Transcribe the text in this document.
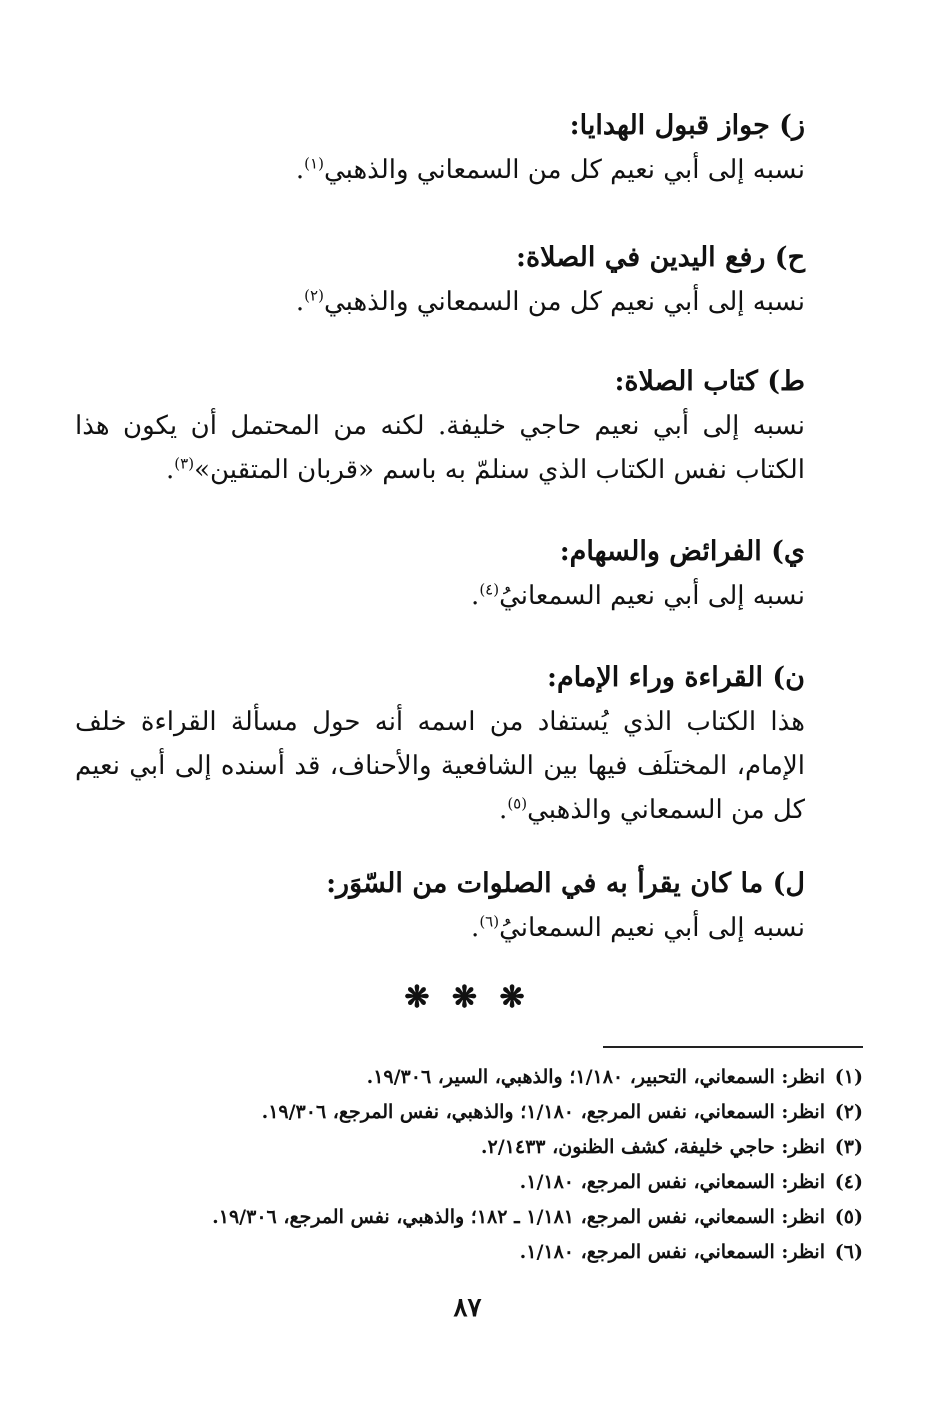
ز) جواز قبول الهدايا:

نسبه إلى أبي نعيم كل من السمعاني والذهبي$^{(١)}$.

ح) رفع اليدين في الصلاة:

نسبه إلى أبي نعيم كل من السمعاني والذهبي$^{(٢)}$.

ط) كتاب الصلاة:

نسبه إلى أبي نعيم حاجي خليفة. لكنه من المحتمل أن يكون هذا الكتاب نفس الكتاب الذي سنلمّ به باسم «قربان المتقين»$^{(٣)}$.

ي) الفرائض والسهام:

نسبه إلى أبي نعيم السمعانيُ$^{(٤)}$.

ن) القراءة وراء الإمام:

هذا الكتاب الذي يُستفاد من اسمه أنه حول مسألة القراءة خلف الإمام، المختلَف فيها بين الشافعية والأحناف، قد أسنده إلى أبي نعيم كل من السمعاني والذهبي$^{(٥)}$.

ل) ما كان يقرأ به في الصلوات من السّوَر:

نسبه إلى أبي نعيم السمعانيُ$^{(٦)}$.

❋ ❋ ❋

(١)انظر: السمعاني، التحبير، ١/١٨٠؛ والذهبي، السير، ١٩/٣٠٦.

(٢)انظر: السمعاني، نفس المرجع، ١/١٨٠؛ والذهبي، نفس المرجع، ١٩/٣٠٦.

(٣)انظر: حاجي خليفة، كشف الظنون، ٢/١٤٣٣.

(٤)انظر: السمعاني، نفس المرجع، ١/١٨٠.

(٥)انظر: السمعاني، نفس المرجع، ١/١٨١ ـ ١٨٢؛ والذهبي، نفس المرجع، ١٩/٣٠٦.

(٦)انظر: السمعاني، نفس المرجع، ١/١٨٠.

٨٧
